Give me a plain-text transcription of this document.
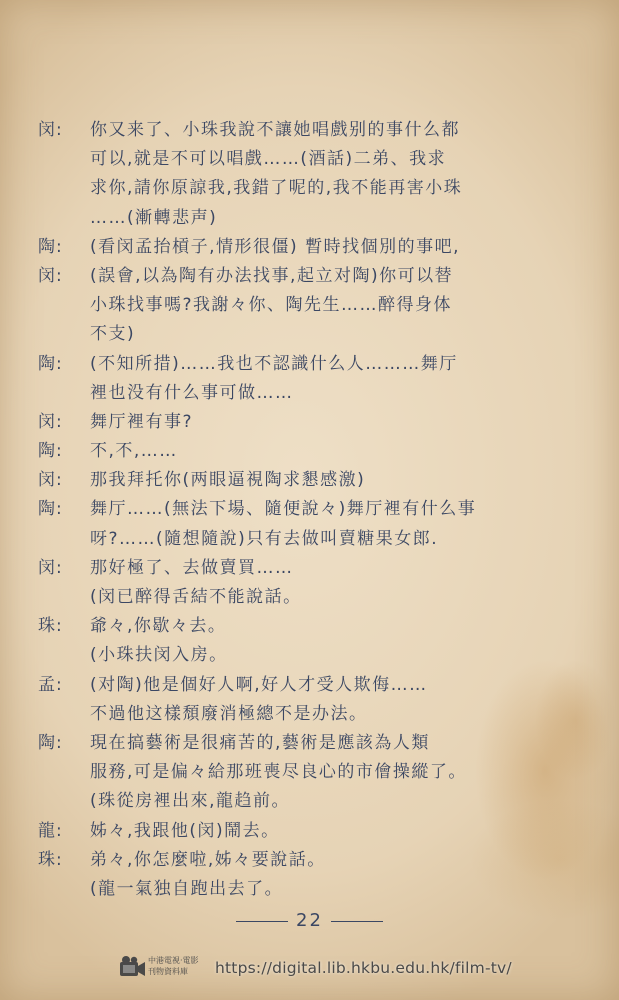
闵:	你又来了、小珠我說不讓她唱戲别的事什么都
可以,就是不可以唱戲……(酒話)二弟、我求
求你,請你原諒我,我錯了呢的,我不能再害小珠
……(漸轉悲声)
陶:	(看闵孟抬槓子,情形很僵) 暫時找個別的事吧,
闵:	(誤會,以為陶有办法找事,起立对陶)你可以替
小珠找事嗎?我謝々你、陶先生……醉得身体
不支)
陶:	(不知所措)……我也不認識什么人………舞厅
裡也没有什么事可做……
闵:	舞厅裡有事?
陶:	不,不,……
闵:	那我拜托你(两眼逼視陶求懇感激)
陶:	舞厅……(無法下場、隨便說々)舞厅裡有什么事
呀?……(隨想隨說)只有去做叫賣糖果女郎.
闵:	那好極了、去做賣買……
(闵已醉得舌結不能說話。
珠:	爺々,你歇々去。
(小珠扶闵入房。
孟:	(对陶)他是個好人啊,好人才受人欺侮……
不過他这樣頹廢消極總不是办法。
陶:	現在搞藝術是很痛苦的,藝術是應該為人類
服務,可是偏々給那班喪尽良心的市儈操縱了。
(珠從房裡出來,龍趋前。
龍:	姊々,我跟他(闵)鬧去。
珠:	弟々,你怎麼啦,姊々要說話。
(龍一氣独自跑出去了。
22
中港電視‧電影
刊物資料庫	https://digital.lib.hkbu.edu.hk/film-tv/
